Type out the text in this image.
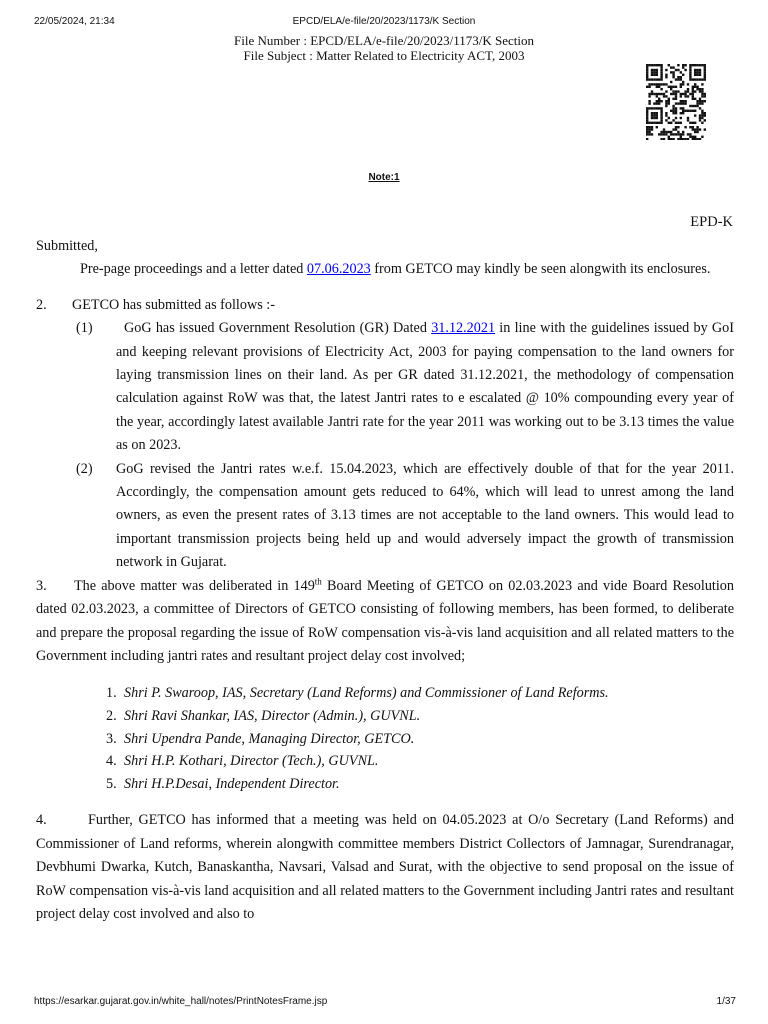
22/05/2024, 21:34	EPCD/ELA/e-file/20/2023/1173/K Section
File Number : EPCD/ELA/e-file/20/2023/1173/K Section
File Subject : Matter Related to Electricity ACT, 2003
Note:1
EPD-K
Submitted,
Pre-page proceedings and a letter dated 07.06.2023 from GETCO may kindly be seen alongwith its enclosures.
2. GETCO has submitted as follows :-
(1) GoG has issued Government Resolution (GR) Dated 31.12.2021 in line with the guidelines issued by GoI and keeping relevant provisions of Electricity Act, 2003 for paying compensation to the land owners for laying transmission lines on their land. As per GR dated 31.12.2021, the methodology of compensation calculation against RoW was that, the latest Jantri rates to e escalated @ 10% compounding every year of the year, accordingly latest available Jantri rate for the year 2011 was working out to be 3.13 times the value as on 2023.
(2) GoG revised the Jantri rates w.e.f. 15.04.2023, which are effectively double of that for the year 2011. Accordingly, the compensation amount gets reduced to 64%, which will lead to unrest among the land owners, as even the present rates of 3.13 times are not acceptable to the land owners. This would lead to important transmission projects being held up and would adversely impact the growth of transmission network in Gujarat.
3. The above matter was deliberated in 149th Board Meeting of GETCO on 02.03.2023 and vide Board Resolution dated 02.03.2023, a committee of Directors of GETCO consisting of following members, has been formed, to deliberate and prepare the proposal regarding the issue of RoW compensation vis-à-vis land acquisition and all related matters to the Government including jantri rates and resultant project delay cost involved;
1. Shri P. Swaroop, IAS, Secretary (Land Reforms) and Commissioner of Land Reforms.
2. Shri Ravi Shankar, IAS, Director (Admin.), GUVNL.
3. Shri Upendra Pande, Managing Director, GETCO.
4. Shri H.P. Kothari, Director (Tech.), GUVNL.
5. Shri H.P.Desai, Independent Director.
4.	Further, GETCO has informed that a meeting was held on 04.05.2023 at O/o Secretary (Land Reforms) and Commissioner of Land reforms, wherein alongwith committee members District Collectors of Jamnagar, Surendranagar, Devbhumi Dwarka, Kutch, Banaskantha, Navsari, Valsad and Surat, with the objective to send proposal on the issue of RoW compensation vis-à-vis land acquisition and all related matters to the Government including Jantri rates and resultant project delay cost involved and also to
https://esarkar.gujarat.gov.in/white_hall/notes/PrintNotesFrame.jsp	1/37
